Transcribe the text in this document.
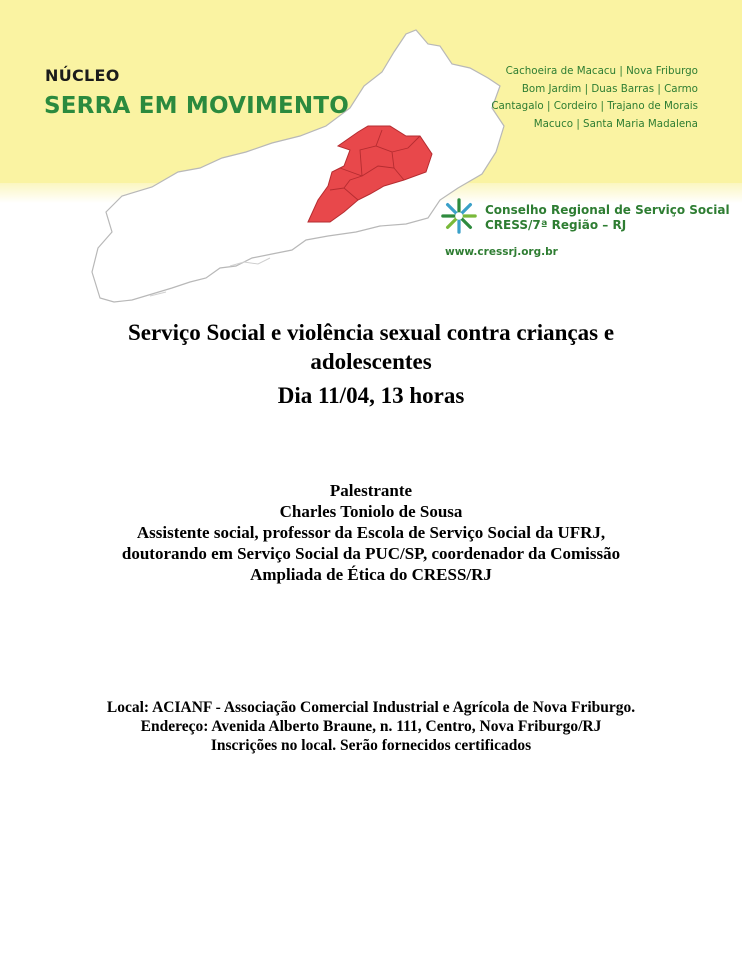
NÚCLEO
SERRA EM MOVIMENTO
Cachoeira de Macacu | Nova Friburgo
Bom Jardim | Duas Barras | Carmo
Cantagalo | Cordeiro | Trajano de Morais
Macuco | Santa Maria Madalena
Conselho Regional de Serviço Social
CRESS/7ª Região – RJ
www.cressrj.org.br
Serviço Social e violência sexual contra crianças e
adolescentes
Dia 11/04, 13 horas
Palestrante
Charles Toniolo de Sousa
Assistente social, professor da Escola de Serviço Social da UFRJ,
doutorando em Serviço Social da PUC/SP, coordenador da Comissão
Ampliada de Ética do CRESS/RJ
Local: ACIANF - Associação Comercial Industrial e Agrícola de Nova Friburgo.
Endereço: Avenida Alberto Braune, n. 111, Centro, Nova Friburgo/RJ
Inscrições no local. Serão fornecidos certificados
